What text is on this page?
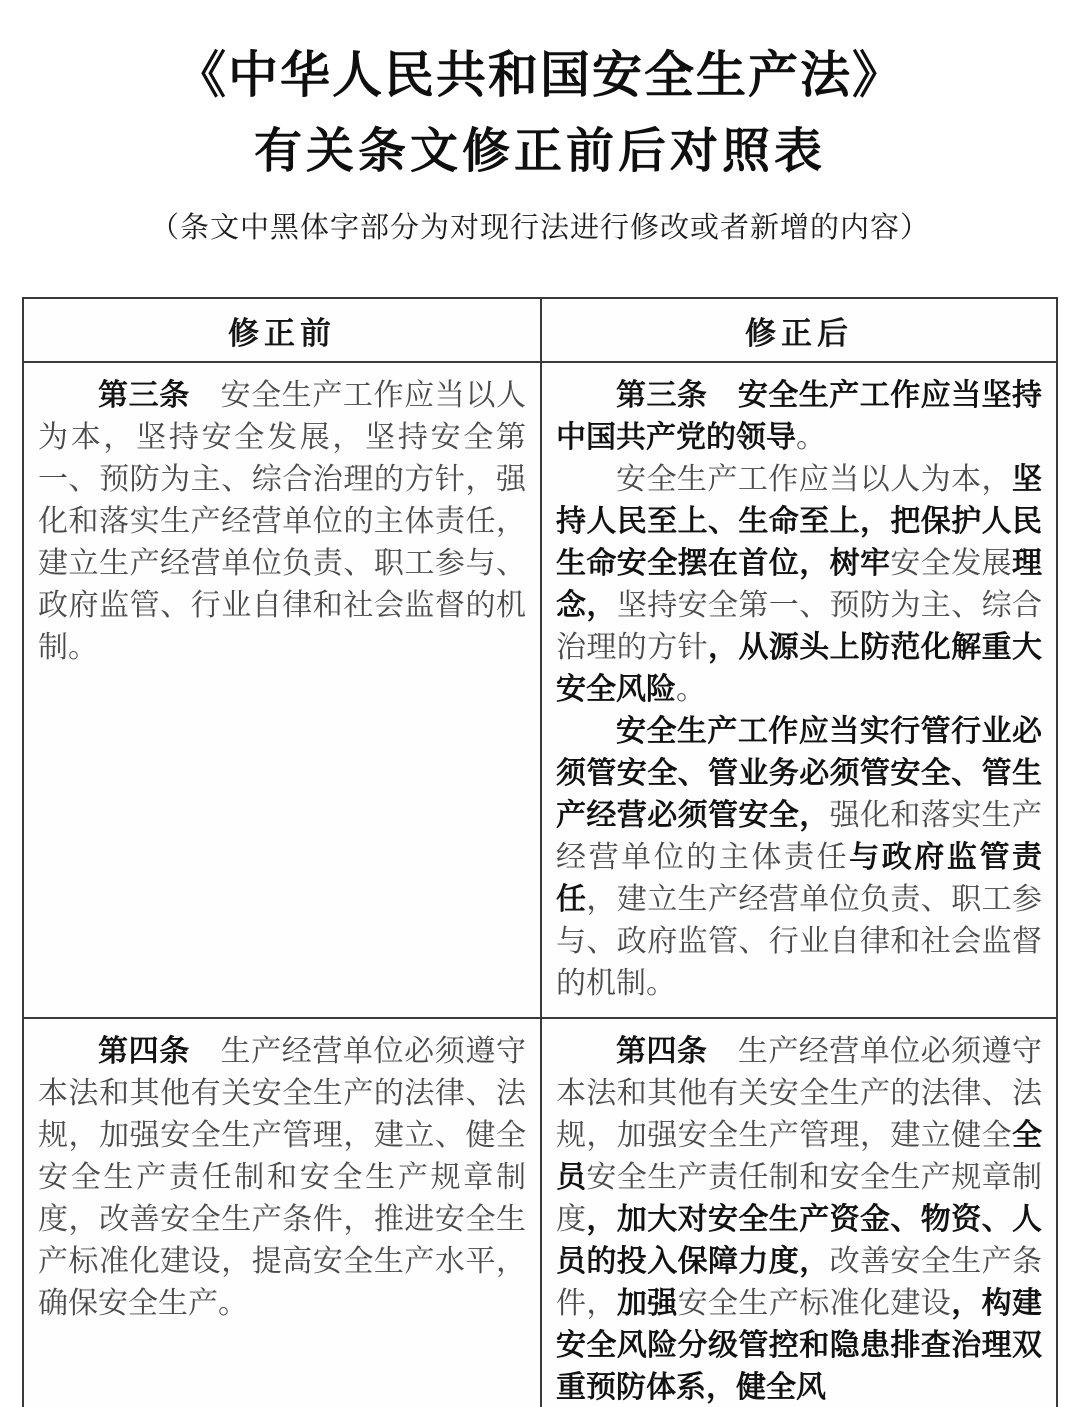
《中华人民共和国安全生产法》
有关条文修正前后对照表

（条文中黑体字部分为对现行法进行修改或者新增的内容）

修正前	修正后

第三条　安全生产工作应当以人为本，坚持安全发展，坚持安全第一、预防为主、综合治理的方针，强化和落实生产经营单位的主体责任，建立生产经营单位负责、职工参与、政府监管、行业自律和社会监督的机制。

第三条　安全生产工作应当坚持中国共产党的领导。

安全生产工作应当以人为本，坚持人民至上、生命至上，把保护人民生命安全摆在首位，树牢安全发展理念，坚持安全第一、预防为主、综合治理的方针，从源头上防范化解重大安全风险。

安全生产工作应当实行管行业必须管安全、管业务必须管安全、管生产经营必须管安全，强化和落实生产经营单位的主体责任与政府监管责任，建立生产经营单位负责、职工参与、政府监管、行业自律和社会监督的机制。

第四条　生产经营单位必须遵守本法和其他有关安全生产的法律、法规，加强安全生产管理，建立、健全安全生产责任制和安全生产规章制度，改善安全生产条件，推进安全生产标准化建设，提高安全生产水平，确保安全生产。

第四条　生产经营单位必须遵守本法和其他有关安全生产的法律、法规，加强安全生产管理，建立健全全员安全生产责任制和安全生产规章制度，加大对安全生产资金、物资、人员的投入保障力度，改善安全生产条件，加强安全生产标准化建设，构建安全风险分级管控和隐患排查治理双重预防体系，健全风
